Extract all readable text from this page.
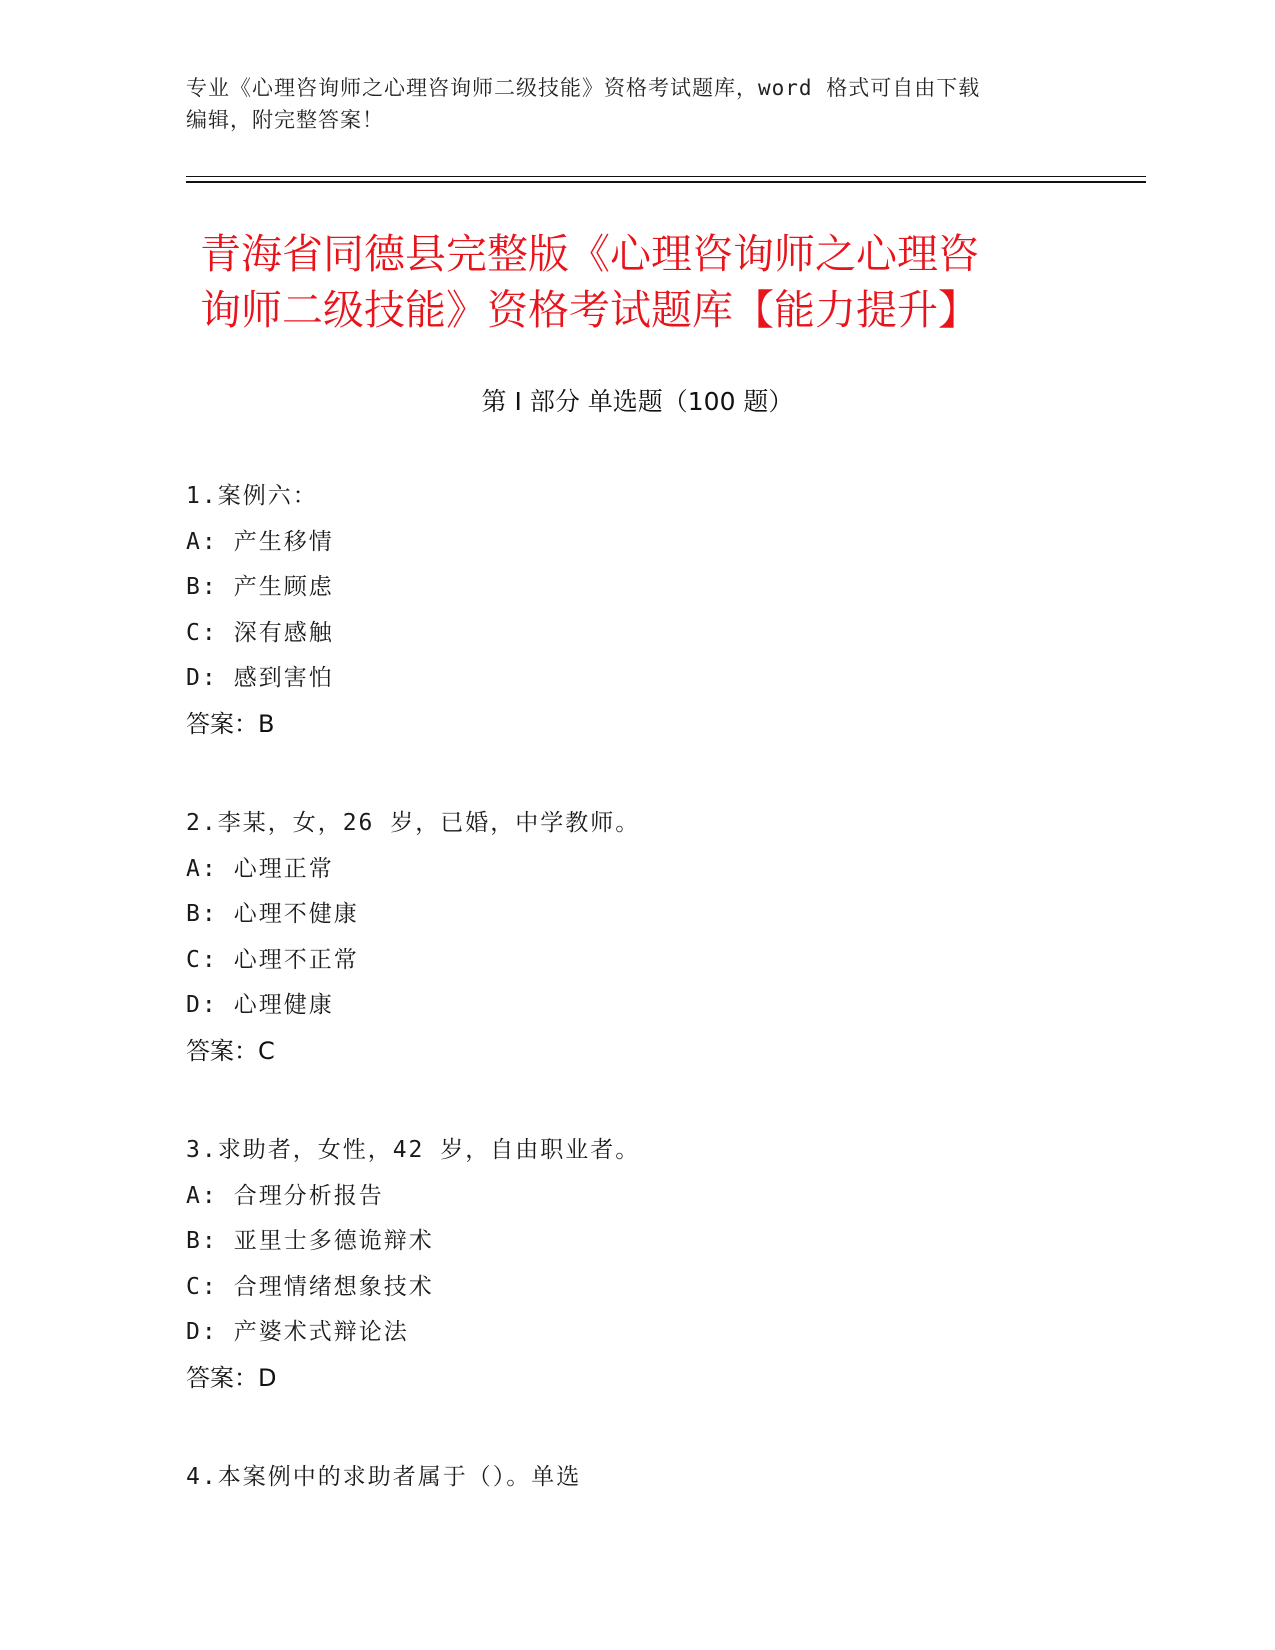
专业《心理咨询师之心理咨询师二级技能》资格考试题库，word 格式可自由下载
编辑，附完整答案！
青海省同德县完整版《心理咨询师之心理咨
询师二级技能》资格考试题库【能力提升】
第 I 部分 单选题（100 题）
1.案例六：
A: 产生移情
B: 产生顾虑
C: 深有感触
D: 感到害怕
答案：B
2.李某，女，26 岁，已婚，中学教师。
A: 心理正常
B: 心理不健康
C: 心理不正常
D: 心理健康
答案：C
3.求助者，女性，42 岁，自由职业者。
A: 合理分析报告
B: 亚里士多德诡辩术
C: 合理情绪想象技术
D: 产婆术式辩论法
答案：D
4.本案例中的求助者属于（）。单选
